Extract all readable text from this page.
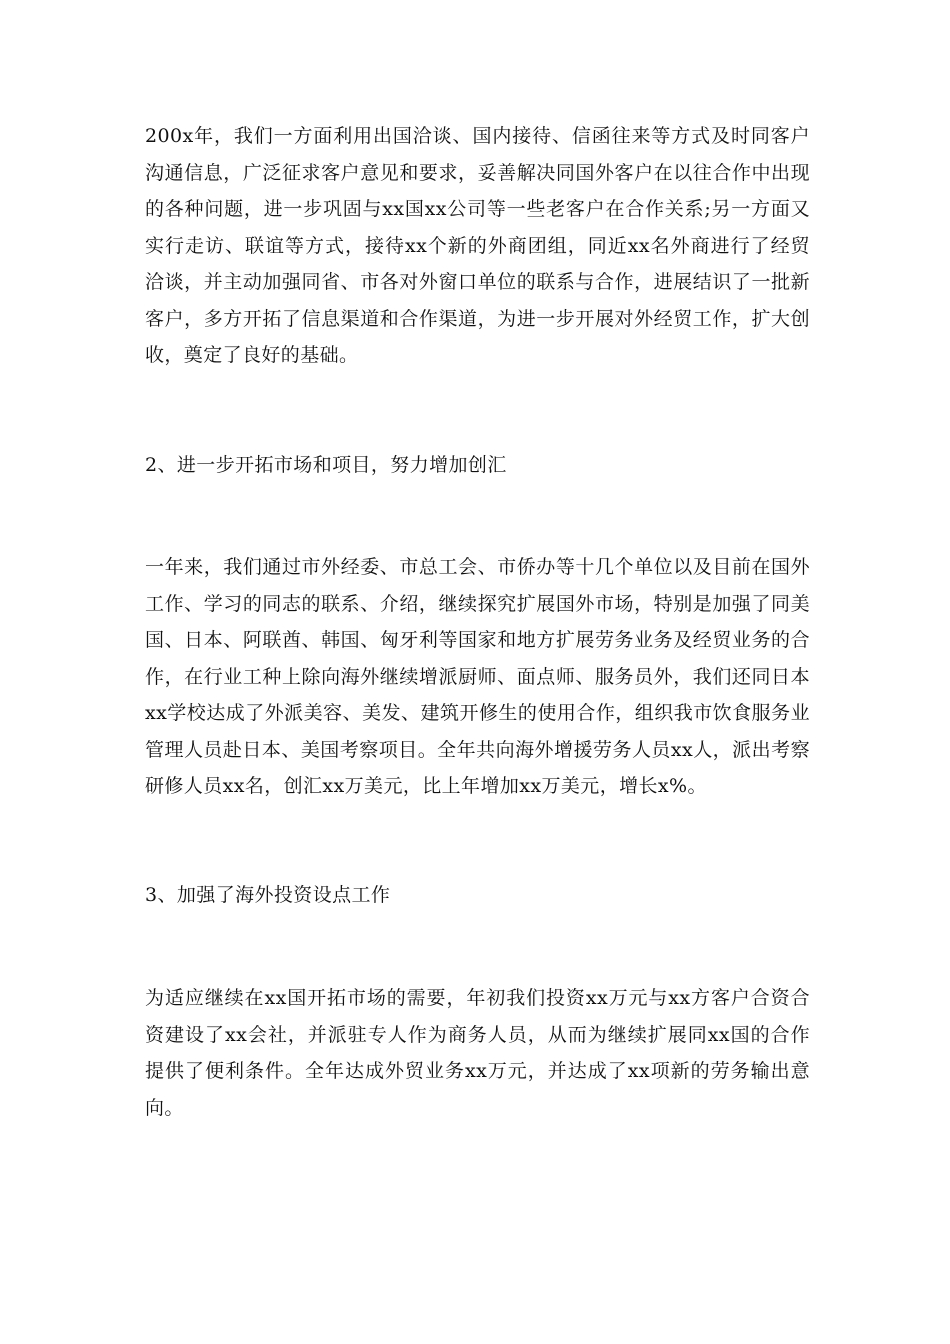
200x年，我们一方面利用出国洽谈、国内接待、信函往来等方式及时同客户沟通信息，广泛征求客户意见和要求，妥善解决同国外客户在以往合作中出现的各种问题，进一步巩固与xx国xx公司等一些老客户在合作关系;另一方面又实行走访、联谊等方式，接待xx个新的外商团组，同近xx名外商进行了经贸洽谈，并主动加强同省、市各对外窗口单位的联系与合作，进展结识了一批新客户，多方开拓了信息渠道和合作渠道，为进一步开展对外经贸工作，扩大创收，奠定了良好的基础。

2、进一步开拓市场和项目，努力增加创汇

一年来，我们通过市外经委、市总工会、市侨办等十几个单位以及目前在国外工作、学习的同志的联系、介绍，继续探究扩展国外市场，特别是加强了同美国、日本、阿联酋、韩国、匈牙利等国家和地方扩展劳务业务及经贸业务的合作，在行业工种上除向海外继续增派厨师、面点师、服务员外，我们还同日本xx学校达成了外派美容、美发、建筑开修生的使用合作，组织我市饮食服务业管理人员赴日本、美国考察项目。全年共向海外增援劳务人员xx人，派出考察研修人员xx名，创汇xx万美元，比上年增加xx万美元，增长x%。

3、加强了海外投资设点工作

为适应继续在xx国开拓市场的需要，年初我们投资xx万元与xx方客户合资合资建设了xx会社，并派驻专人作为商务人员，从而为继续扩展同xx国的合作提供了便利条件。全年达成外贸业务xx万元，并达成了xx项新的劳务输出意向。
